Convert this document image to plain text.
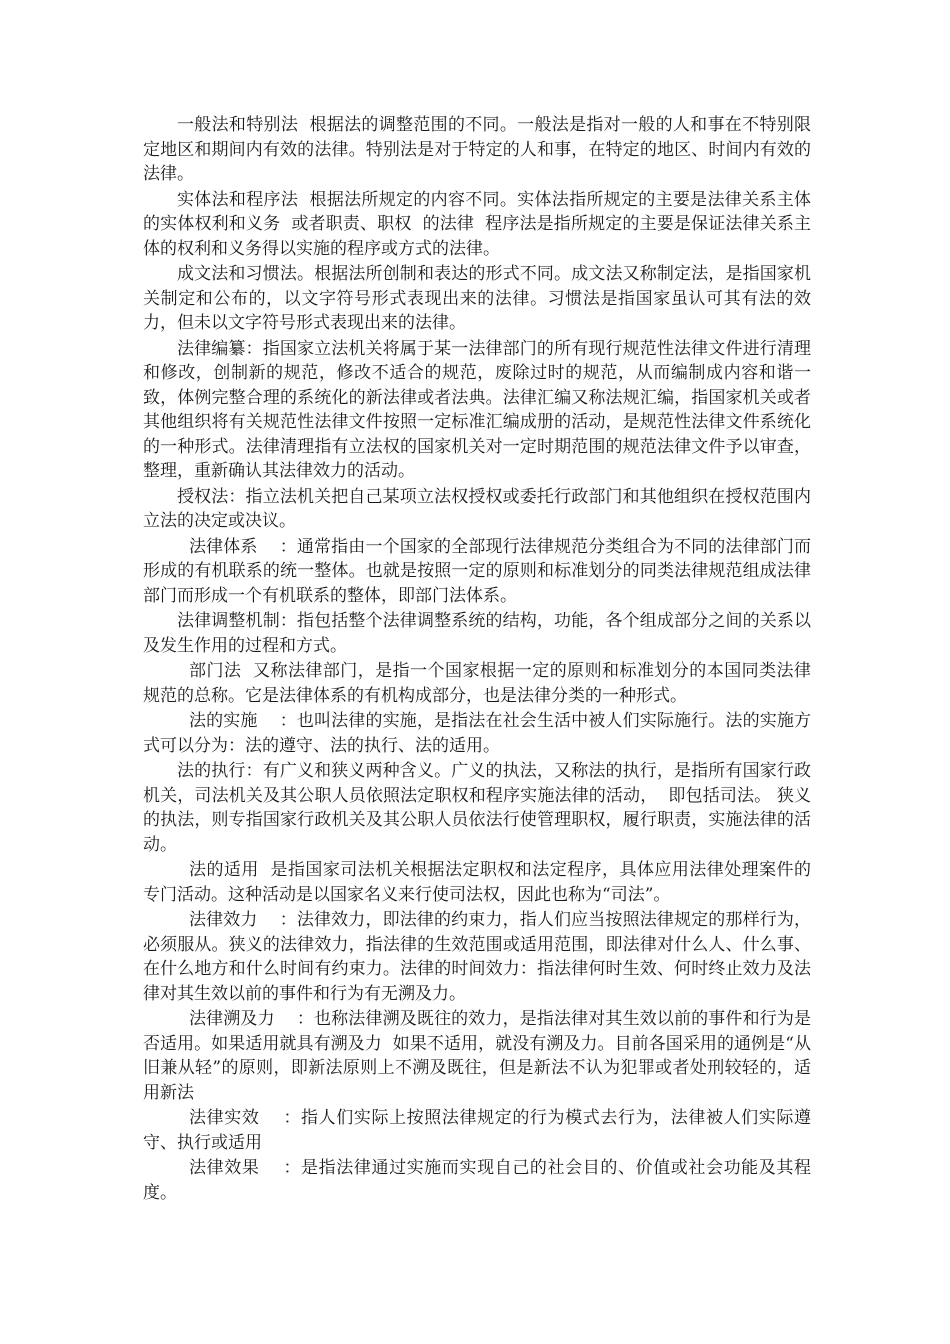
一般法和特别法  根据法的调整范围的不同。一般法是指对一般的人和事在不特别限定地区和期间内有效的法律。特别法是对于特定的人和事，在特定的地区、时间内有效的法律。

实体法和程序法  根据法所规定的内容不同。实体法指所规定的主要是法律关系主体的实体权利和义务  或者职责、职权  的法律  程序法是指所规定的主要是保证法律关系主体的权利和义务得以实施的程序或方式的法律。

成文法和习惯法。根据法所创制和表达的形式不同。成文法又称制定法，是指国家机关制定和公布的，以文字符号形式表现出来的法律。习惯法是指国家虽认可其有法的效力，但未以文字符号形式表现出来的法律。

法律编纂：指国家立法机关将属于某一法律部门的所有现行规范性法律文件进行清理和修改，创制新的规范，修改不适合的规范，废除过时的规范，从而编制成内容和谐一致，体例完整合理的系统化的新法律或者法典。法律汇编又称法规汇编，指国家机关或者其他组织将有关规范性法律文件按照一定标准汇编成册的活动，是规范性法律文件系统化的一种形式。法律清理指有立法权的国家机关对一定时期范围的规范法律文件予以审查，整理，重新确认其法律效力的活动。

授权法：指立法机关把自己某项立法权授权或委托行政部门和其他组织在授权范围内立法的决定或决议。

法律体系    ：通常指由一个国家的全部现行法律规范分类组合为不同的法律部门而形成的有机联系的统一整体。也就是按照一定的原则和标准划分的同类法律规范组成法律部门而形成一个有机联系的整体，即部门法体系。

法律调整机制：指包括整个法律调整系统的结构，功能，各个组成部分之间的关系以及发生作用的过程和方式。

部门法  又称法律部门，是指一个国家根据一定的原则和标准划分的本国同类法律规范的总称。它是法律体系的有机构成部分，也是法律分类的一种形式。

法的实施    ：也叫法律的实施，是指法在社会生活中被人们实际施行。法的实施方式可以分为：法的遵守、法的执行、法的适用。

法的执行：有广义和狭义两种含义。广义的执法，又称法的执行，是指所有国家行政机关，司法机关及其公职人员依照法定职权和程序实施法律的活动，  即包括司法。 狭义的执法，则专指国家行政机关及其公职人员依法行使管理职权，履行职责，实施法律的活动。

法的适用  是指国家司法机关根据法定职权和法定程序，具体应用法律处理案件的专门活动。这种活动是以国家名义来行使司法权，因此也称为“司法”。

法律效力    ：法律效力，即法律的约束力，指人们应当按照法律规定的那样行为，必须服从。狭义的法律效力，指法律的生效范围或适用范围，即法律对什么人、什么事、在什么地方和什么时间有约束力。法律的时间效力：指法律何时生效、何时终止效力及法律对其生效以前的事件和行为有无溯及力。

法律溯及力    ：也称法律溯及既往的效力，是指法律对其生效以前的事件和行为是否适用。如果适用就具有溯及力  如果不适用，就没有溯及力。目前各国采用的通例是“从旧兼从轻”的原则，即新法原则上不溯及既往，但是新法不认为犯罪或者处刑较轻的，适用新法

法律实效    ：指人们实际上按照法律规定的行为模式去行为，法律被人们实际遵守、执行或适用

法律效果    ：是指法律通过实施而实现自己的社会目的、价值或社会功能及其程度。
